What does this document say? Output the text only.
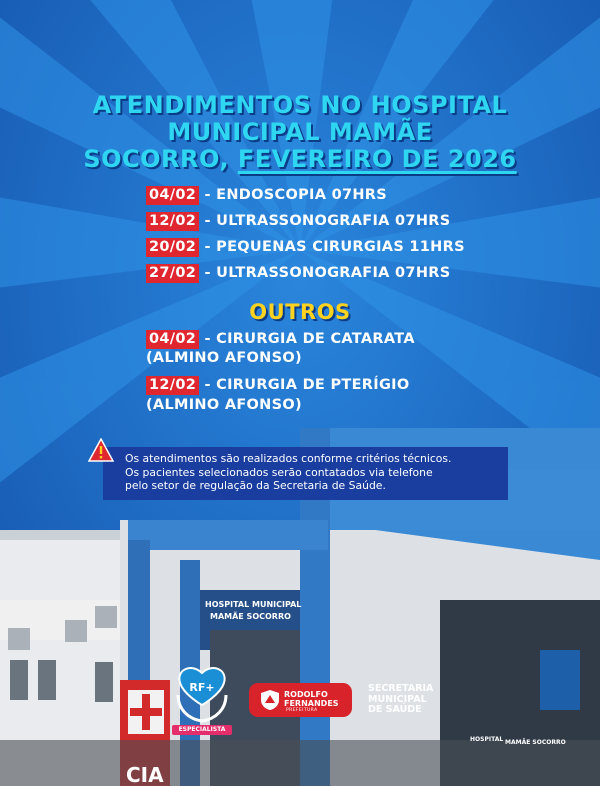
HOSPITAL MUNICIPAL
MAMÃE SOCORRO
HOSPITAL MAMÃE SOCORRO
CIA
ATENDIMENTOS NO HOSPITAL
MUNICIPAL MAMÃE
SOCORRO, FEVEREIRO DE 2026
04/02 - ENDOSCOPIA 07HRS
12/02 - ULTRASSONOGRAFIA 07HRS
20/02 - PEQUENAS CIRURGIAS 11HRS
27/02 - ULTRASSONOGRAFIA 07HRS
OUTROS
04/02 - CIRURGIA DE CATARATA
(ALMINO AFONSO)
12/02 - CIRURGIA DE PTERÍGIO
(ALMINO AFONSO)
Os atendimentos são realizados conforme critérios técnicos.
Os pacientes selecionados serão contatados via telefone
pelo setor de regulação da Secretaria de Saúde.
RF+
ESPECIALISTA
RODOLFO
FERNANDES
PREFEITURA
SECRETARIA
MUNICIPAL
DE SAÚDE
